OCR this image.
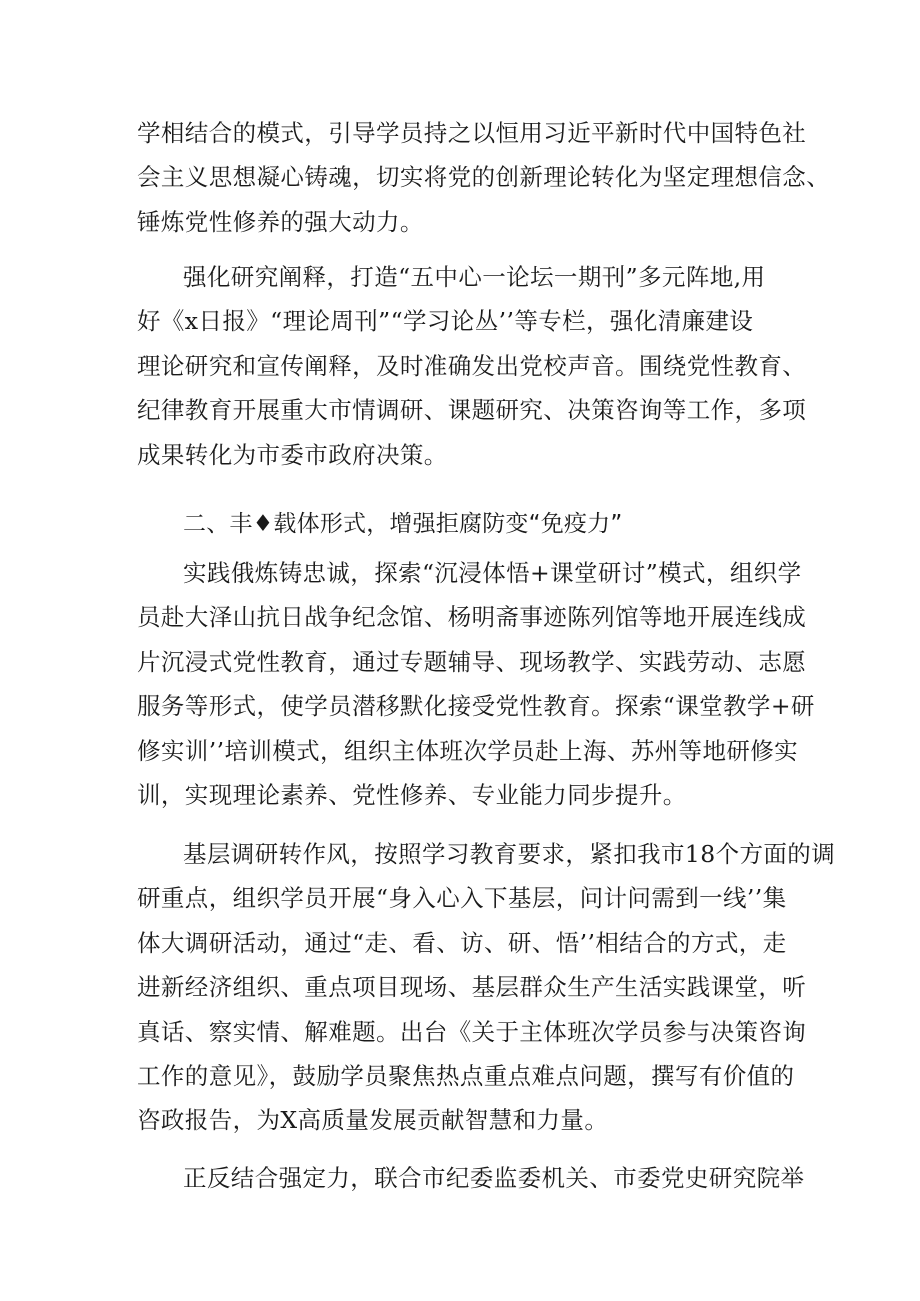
学相结合的模式，引导学员持之以恒用习近平新时代中国特色社
会主义思想凝心铸魂，切实将党的创新理论转化为坚定理想信念、
锤炼党性修养的强大动力。
强化研究阐释，打造“五中心一论坛一期刊”多元阵地,用
好《x日报》“理论周刊”“学习论丛’’等专栏，强化清廉建设
理论研究和宣传阐释，及时准确发出党校声音。围绕党性教育、
纪律教育开展重大市情调研、课题研究、决策咨询等工作，多项
成果转化为市委市政府决策。
二、丰♦载体形式，增强拒腐防变“免疫力”
实践俄炼铸忠诚，探索“沉浸体悟+课堂研讨”模式，组织学
员赴大泽山抗日战争纪念馆、杨明斋事迹陈列馆等地开展连线成
片沉浸式党性教育，通过专题辅导、现场教学、实践劳动、志愿
服务等形式，使学员潜移默化接受党性教育。探索“课堂教学+研
修实训’’培训模式，组织主体班次学员赴上海、苏州等地研修实
训，实现理论素养、党性修养、专业能力同步提升。
基层调研转作风，按照学习教育要求，紧扣我市18个方面的调
研重点，组织学员开展“身入心入下基层，问计问需到一线’’集
体大调研活动，通过“走、看、访、研、悟’’相结合的方式，走
进新经济组织、重点项目现场、基层群众生产生活实践课堂，听
真话、察实情、解难题。出台《关于主体班次学员参与决策咨询
工作的意见》，鼓励学员聚焦热点重点难点问题，撰写有价值的
咨政报告，为X高质量发展贡献智慧和力量。
正反结合强定力，联合市纪委监委机关、市委党史研究院举
